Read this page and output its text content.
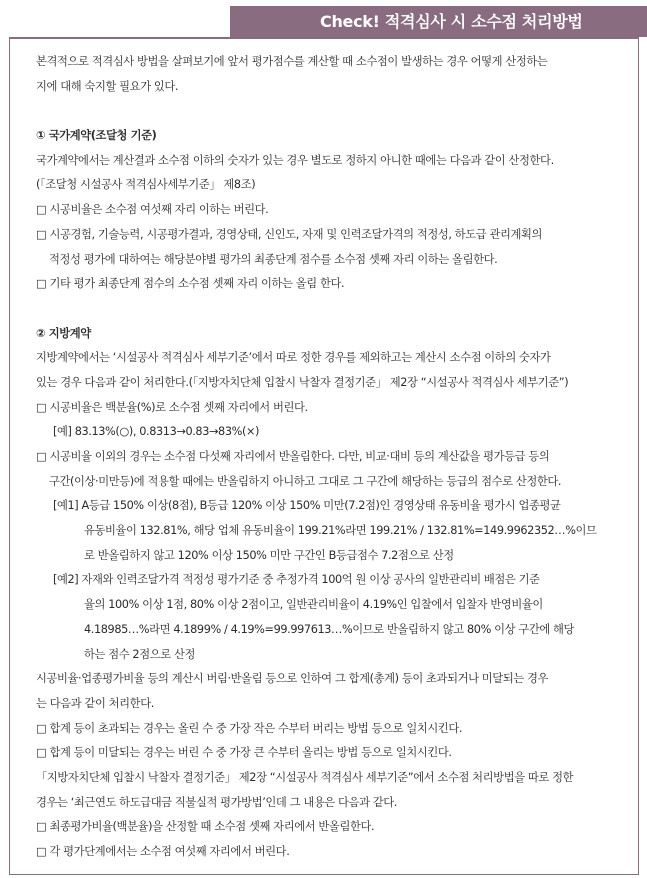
Check! 적격심사 시 소수점 처리방법
본격적으로 적격심사 방법을 살펴보기에 앞서 평가점수를 계산할 때 소수점이 발생하는 경우 어떻게 산정하는
지에 대해 숙지할 필요가 있다.
① 국가계약(조달청 기준)
국가계약에서는 계산결과 소수점 이하의 숫자가 있는 경우 별도로 정하지 아니한 때에는 다음과 같이 산정한다.
(「조달청 시설공사 적격심사세부기준」 제8조)
□ 시공비율은 소수점 여섯째 자리 이하는 버린다.
□ 시공경험, 기술능력, 시공평가결과, 경영상태, 신인도, 자재 및 인력조달가격의 적정성, 하도급 관리계획의
적정성 평가에 대하여는 해당분야별 평가의 최종단계 점수를 소수점 셋째 자리 이하는 올림한다.
□ 기타 평가 최종단계 점수의 소수점 셋째 자리 이하는 올림 한다.
② 지방계약
지방계약에서는 ‘시설공사 적격심사 세부기준’에서 따로 정한 경우를 제외하고는 계산시 소수점 이하의 숫자가
있는 경우 다음과 같이 처리한다.(「지방자치단체 입찰시 낙찰자 결정기준」 제2장 “시설공사 적격심사 세부기준”)
□ 시공비율은 백분율(%)로 소수점 셋째 자리에서 버린다.
[예] 83.13%(○), 0.8313→0.83→83%(×)
□ 시공비율 이외의 경우는 소수점 다섯째 자리에서 반올림한다. 다만, 비교·대비 등의 계산값을 평가등급 등의
구간(이상·미만등)에 적용할 때에는 반올림하지 아니하고 그대로 그 구간에 해당하는 등급의 점수로 산정한다.
[예1] A등급 150% 이상(8점), B등급 120% 이상 150% 미만(7.2점)인 경영상태 유동비율 평가시 업종평균
유동비율이 132.81%, 해당 업체 유동비율이 199.21%라면 199.21% / 132.81%=149.9962352…%이므
로 반올림하지 않고 120% 이상 150% 미만 구간인 B등급점수 7.2점으로 산정
[예2] 자재와 인력조달가격 적정성 평가기준 중 추정가격 100억 원 이상 공사의 일반관리비 배점은 기준
율의 100% 이상 1점, 80% 이상 2점이고, 일반관리비율이 4.19%인 입찰에서 입찰자 반영비율이
4.18985…%라면 4.1899% / 4.19%=99.997613…%이므로 반올림하지 않고 80% 이상 구간에 해당
하는 점수 2점으로 산정
시공비율·업종평가비율 등의 계산시 버림·반올림 등으로 인하여 그 합계(총계) 등이 초과되거나 미달되는 경우
는 다음과 같이 처리한다.
□ 합계 등이 초과되는 경우는 올린 수 중 가장 작은 수부터 버리는 방법 등으로 일치시킨다.
□ 합계 등이 미달되는 경우는 버린 수 중 가장 큰 수부터 올리는 방법 등으로 일치시킨다.
「지방자치단체 입찰시 낙찰자 결정기준」 제2장 “시설공사 적격심사 세부기준”에서 소수점 처리방법을 따로 정한
경우는 ‘최근연도 하도급대금 직불실적 평가방법’인데 그 내용은 다음과 같다.
□ 최종평가비율(백분율)을 산정할 때 소수점 셋째 자리에서 반올림한다.
□ 각 평가단계에서는 소수점 여섯째 자리에서 버린다.
